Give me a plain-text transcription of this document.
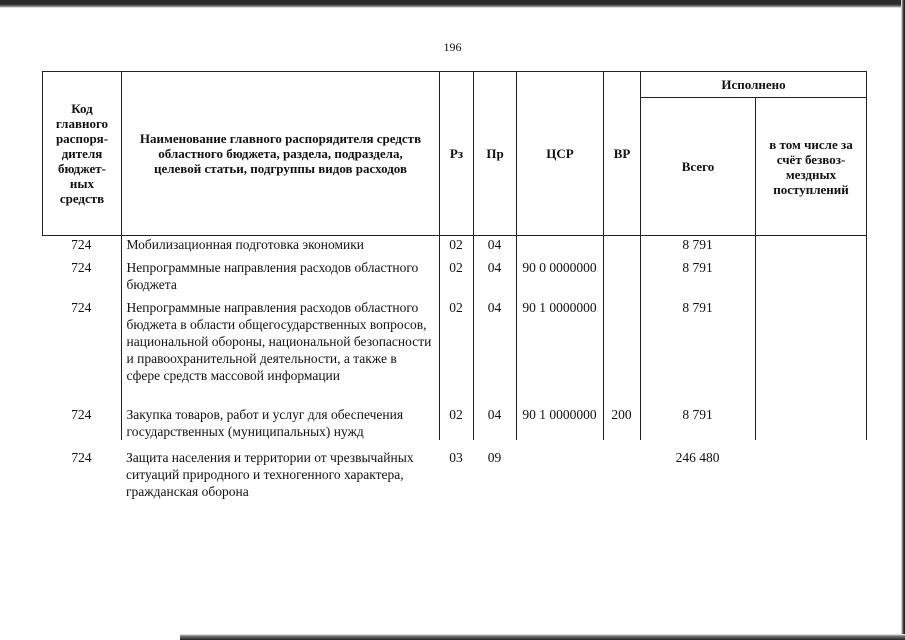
196
Код главного распоря-дителя бюджет-ных средств	Наименование главного распорядителя средств областного бюджета, раздела, подраздела, целевой статьи, подгруппы видов расходов	Рз	Пр	ЦСР	ВР	Исполнено	
						Всего	в том числе за счёт безвоз-мездных поступлений
724	Мобилизационная подготовка экономики	02	04			8 791	

724	Непрограммные направления расходов областного бюджета	02	04	90 0 0000000		8 791	

724	Непрограммные направления расходов областного бюджета в области общегосударственных вопросов, национальной обороны, национальной безопасности и правоохранительной деятельности, а также в сфере средств массовой информации	02	04	90 1 0000000		8 791	

724	Закупка товаров, работ и услуг для обеспечения государственных (муниципальных) нужд	02	04	90 1 0000000	200	8 791	

724	Защита населения и территории от чрезвычайных ситуаций природного и техногенного характера, гражданская оборона	03	09			246 480	
